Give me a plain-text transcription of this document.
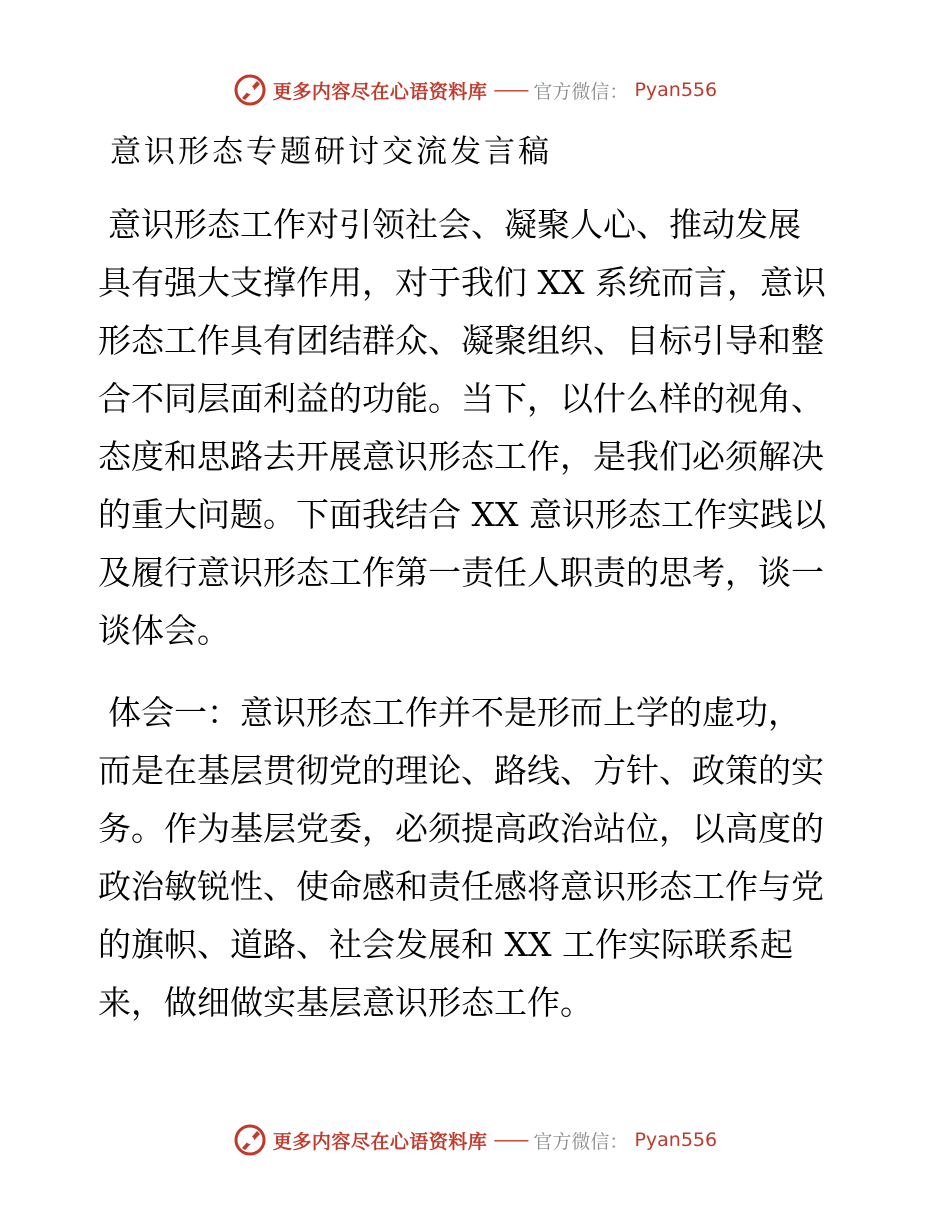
更多内容尽在心语资料库 —— 官方微信： Pyan556
意识形态专题研讨交流发言稿
意识形态工作对引领社会、凝聚人心、推动发展
具有强大支撑作用，对于我们 XX 系统而言，意识
形态工作具有团结群众、凝聚组织、目标引导和整
合不同层面利益的功能。当下，以什么样的视角、
态度和思路去开展意识形态工作，是我们必须解决
的重大问题。下面我结合 XX 意识形态工作实践以
及履行意识形态工作第一责任人职责的思考，谈一
谈体会。
体会一：意识形态工作并不是形而上学的虚功，
而是在基层贯彻党的理论、路线、方针、政策的实
务。作为基层党委，必须提高政治站位，以高度的
政治敏锐性、使命感和责任感将意识形态工作与党
的旗帜、道路、社会发展和 XX 工作实际联系起
来，做细做实基层意识形态工作。
更多内容尽在心语资料库 —— 官方微信： Pyan556
